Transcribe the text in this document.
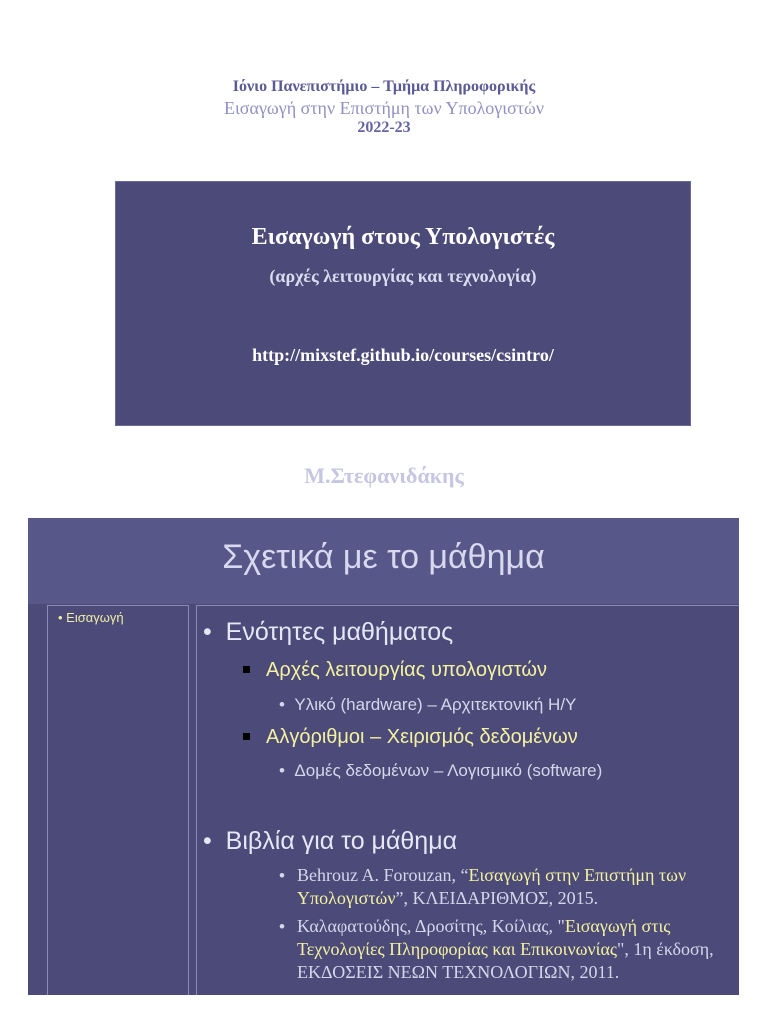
Ιόνιο Πανεπιστήμιο – Τμήμα Πληροφορικής
Εισαγωγή στην Επιστήμη των Υπολογιστών
2022-23
Εισαγωγή στους Υπολογιστές
(αρχές λειτουργίας και τεχνολογία)
http://mixstef.github.io/courses/csintro/
Μ.Στεφανιδάκης
Σχετικά με το μάθημα
• Εισαγωγή
•  Ενότητες μαθήματος
Αρχές λειτουργίας υπολογιστών
•  Υλικό (hardware) – Αρχιτεκτονική Η/Υ
Αλγόριθμοι – Χειρισμός δεδομένων
•  Δομές δεδομένων – Λογισμικό (software)
•  Βιβλία για το μάθημα
• Behrouz A. Forouzan, “Εισαγωγή στην Επιστήμη των Υπολογιστών”, ΚΛΕΙΔΑΡΙΘΜΟΣ, 2015.
• Καλαφατούδης, Δροσίτης, Κοίλιας, "Εισαγωγή στις Τεχνολογίες Πληροφορίας και Επικοινωνίας", 1η έκδοση, ΕΚΔΟΣΕΙΣ ΝΕΩΝ ΤΕΧΝΟΛΟΓΙΩΝ, 2011.
